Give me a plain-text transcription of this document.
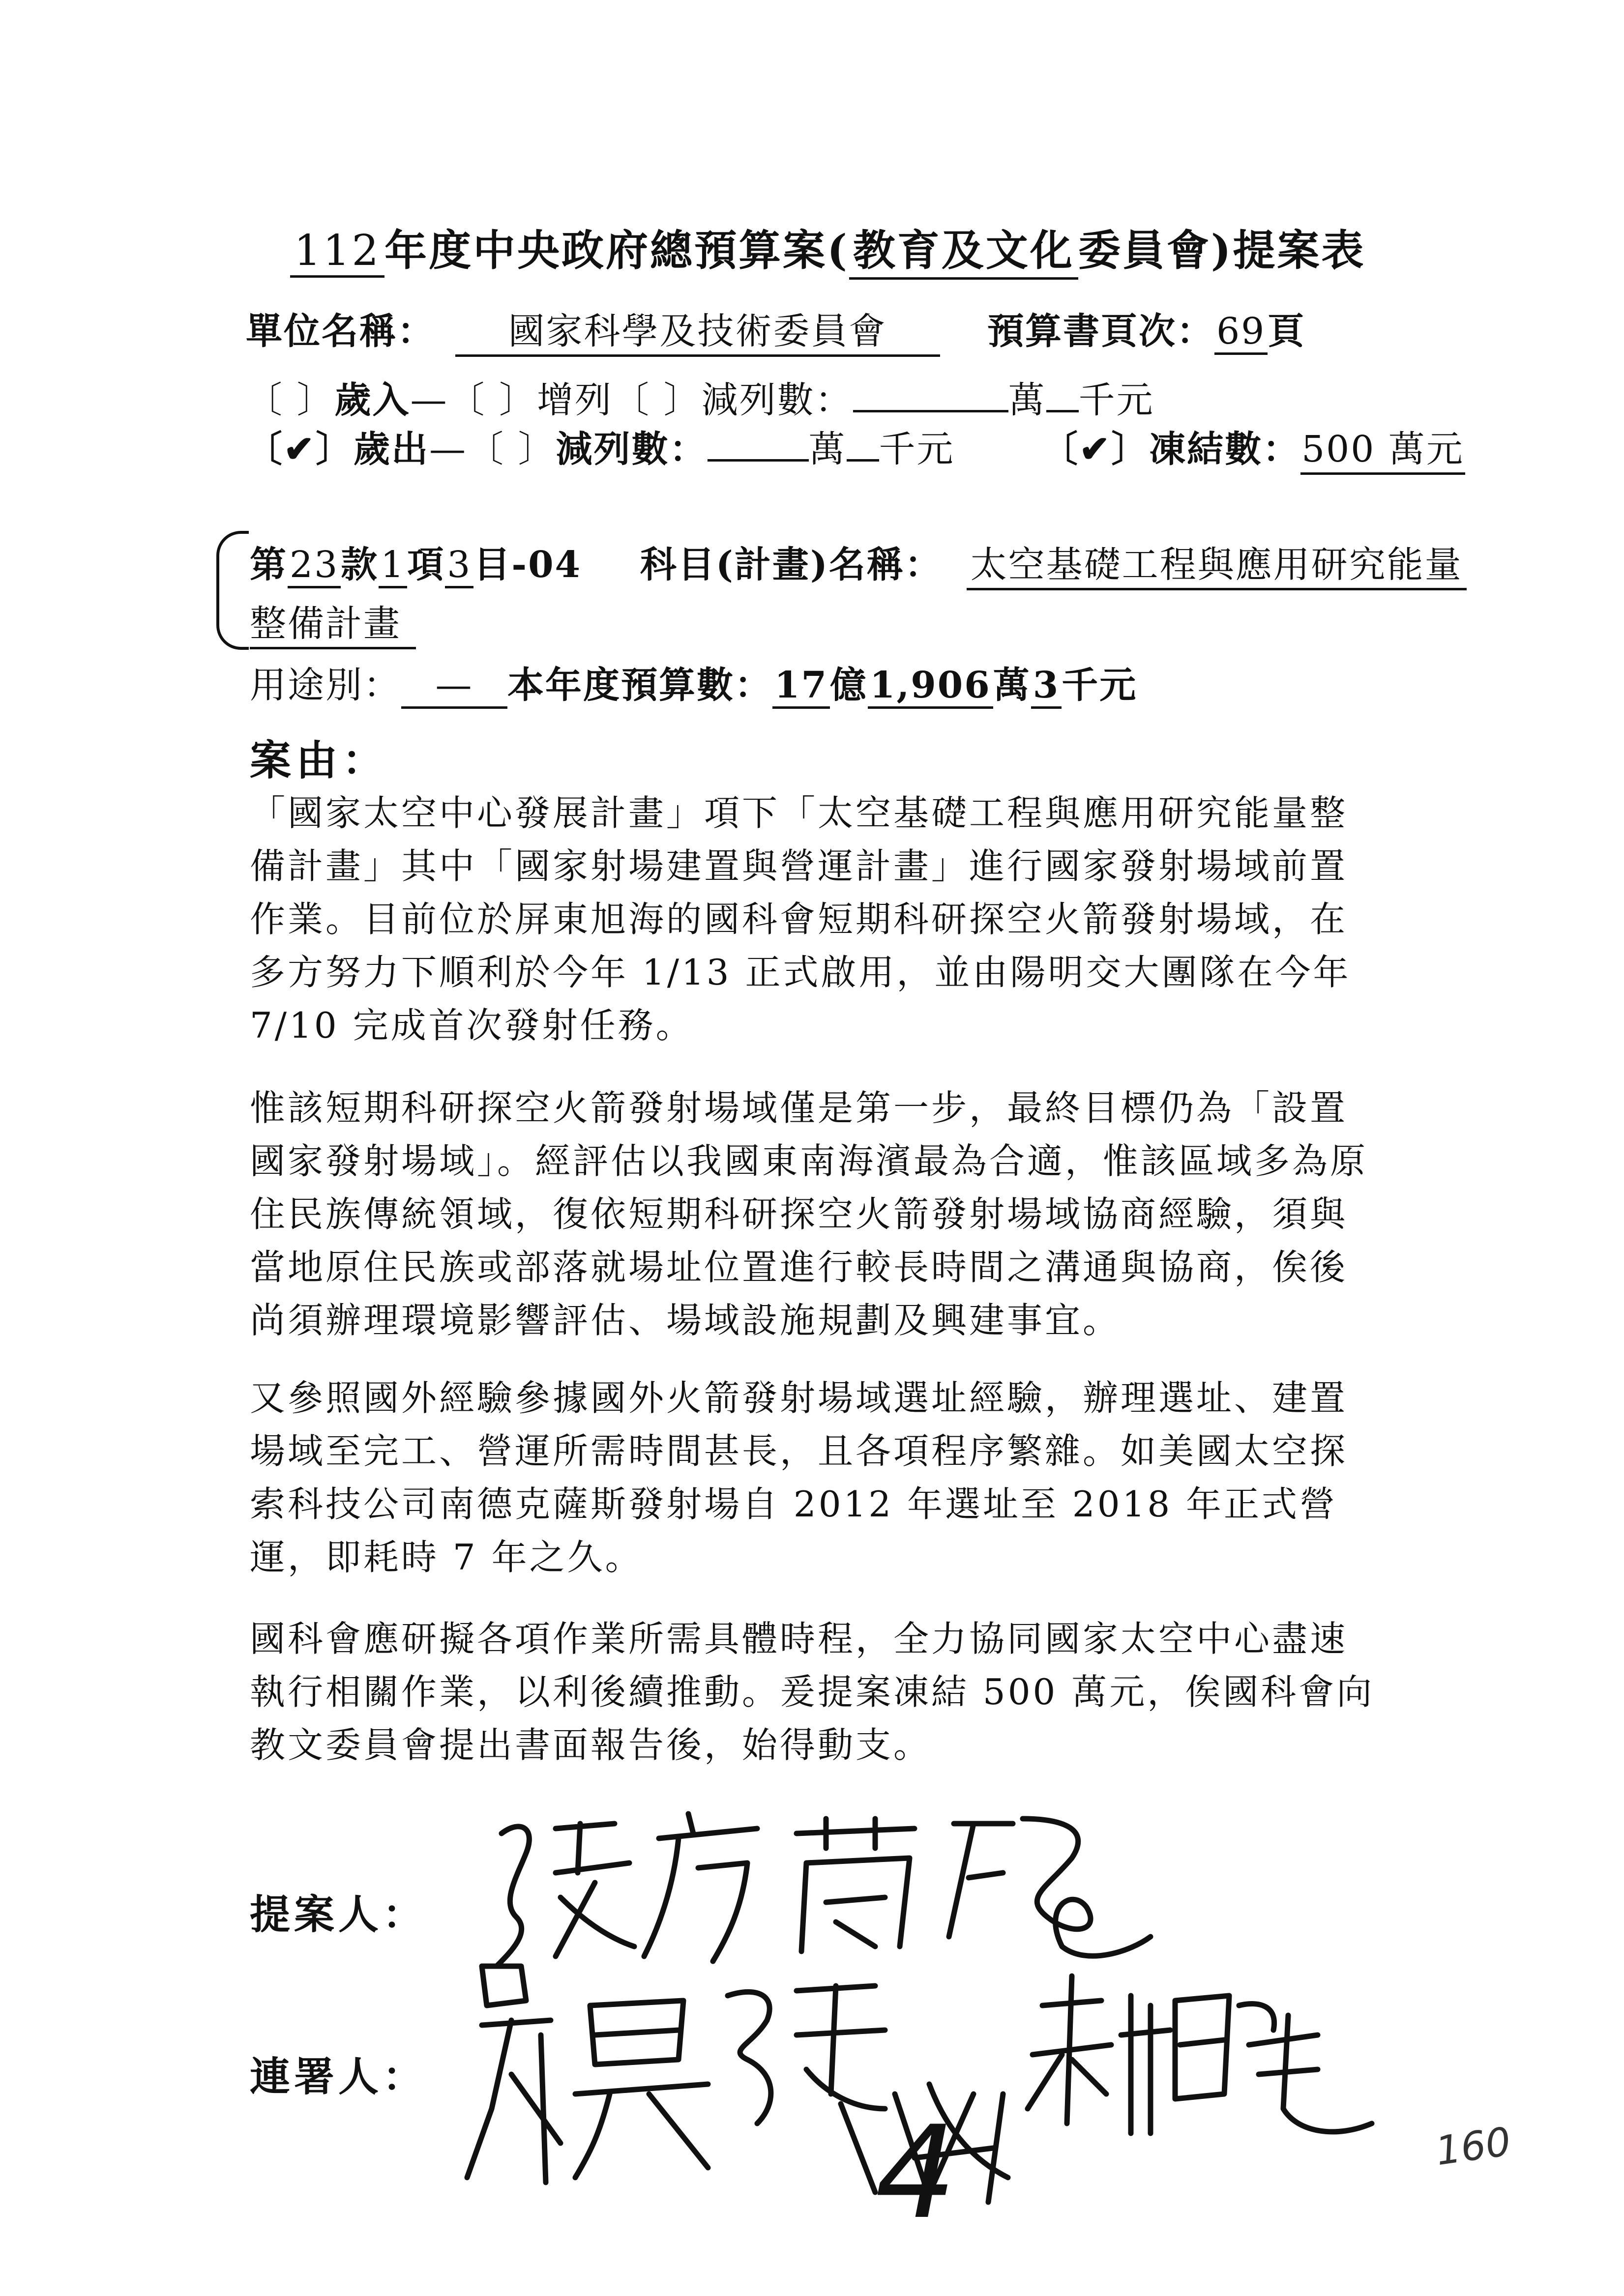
112年度中央政府總預算案(教育及文化委員會)提案表
單位名稱： 國家科學及技術委員會	預算書頁次：69頁
〔 〕歲入—〔 〕增列〔 〕減列數：	萬 千元
〔✔〕歲出—〔 〕減列數：	萬 千元 〔✔〕凍結數：500 萬元
第23款1項3目-04 科目(計畫)名稱： 太空基礎工程與應用研究能量
整備計畫
用途別： — 本年度預算數：17億1,906萬3千元
案由：

「國家太空中心發展計畫」項下「太空基礎工程與應用研究能量整備計畫」其中「國家射場建置與營運計畫」進行國家發射場域前置作業。目前位於屏東旭海的國科會短期科研探空火箭發射場域，在多方努力下順利於今年 1/13 正式啟用，並由陽明交大團隊在今年 7/10 完成首次發射任務。

惟該短期科研探空火箭發射場域僅是第一步，最終目標仍為「設置國家發射場域」。經評估以我國東南海濱最為合適，惟該區域多為原住民族傳統領域，復依短期科研探空火箭發射場域協商經驗，須與當地原住民族或部落就場址位置進行較長時間之溝通與協商，俟後尚須辦理環境影響評估、場域設施規劃及興建事宜。

又參照國外經驗參據國外火箭發射場域選址經驗，辦理選址、建置場域至完工、營運所需時間甚長，且各項程序繁雜。如美國太空探索科技公司南德克薩斯發射場自 2012 年選址至 2018 年正式營運，即耗時 7 年之久。

國科會應研擬各項作業所需具體時程，全力協同國家太空中心盡速執行相關作業，以利後續推動。爰提案凍結 500 萬元，俟國科會向教文委員會提出書面報告後，始得動支。

提案人：
連署人：
4	160
